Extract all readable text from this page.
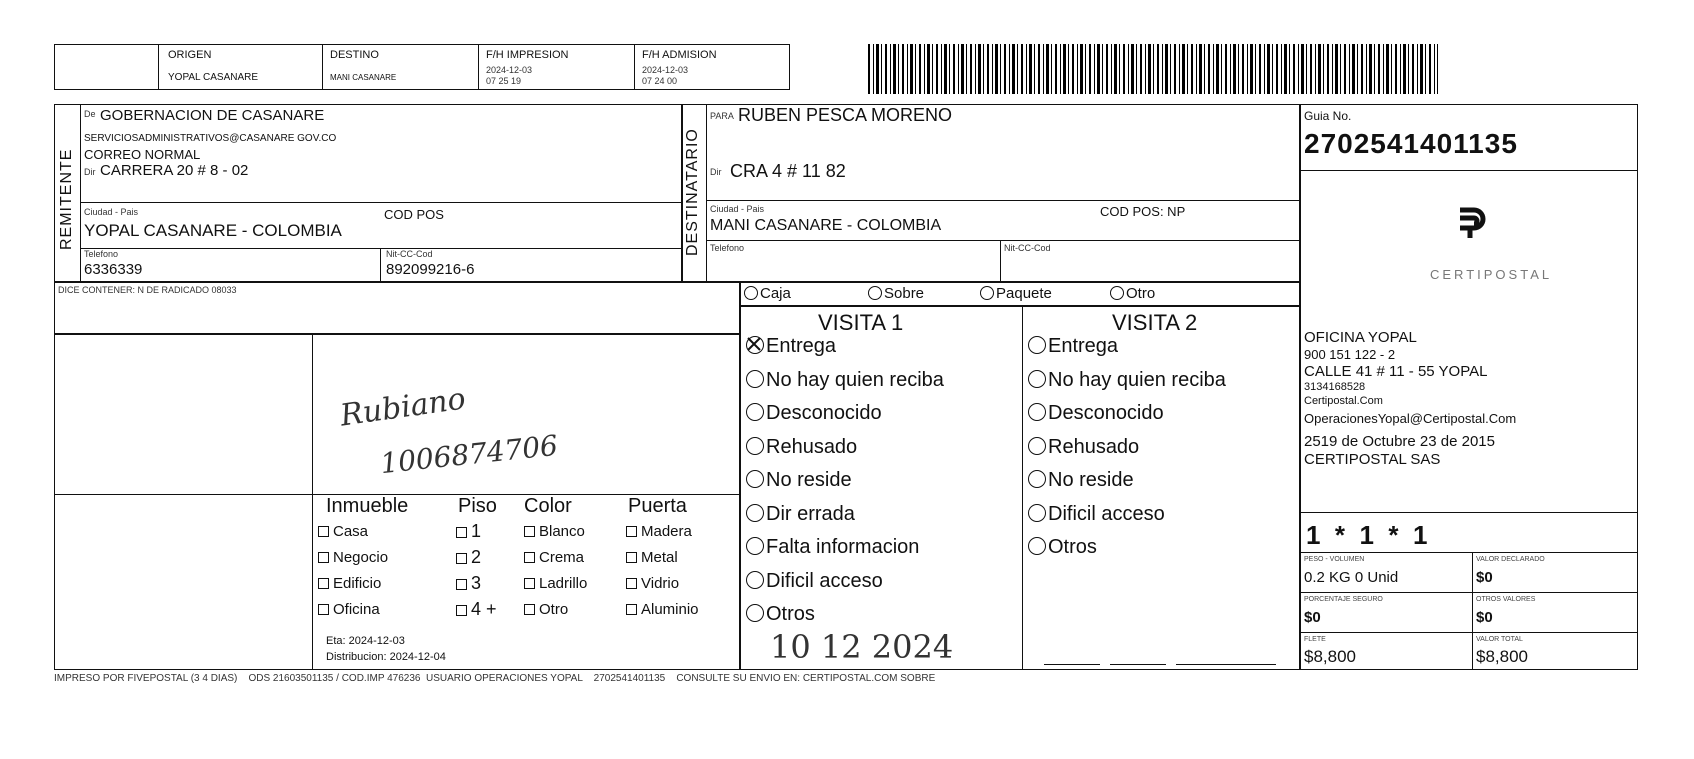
ORIGEN
YOPAL CASANARE
DESTINO
MANI CASANARE
F/H IMPRESION
2024-12-03
07 25 19
F/H ADMISION
2024-12-03
07 24 00
REMITENTE
De GOBERNACION DE CASANARE
SERVICIOSADMINISTRATIVOS@CASANARE GOV.CO
CORREO NORMAL
Dir CARRERA 20 # 8 - 02
Ciudad - Pais
YOPAL CASANARE - COLOMBIA
COD POS
Telefono
6336339
Nit-CC-Cod
892099216-6
DESTINATARIO
PARA RUBEN PESCA MORENO
Dir CRA 4 # 11 82
Ciudad - Pais
MANI CASANARE - COLOMBIA
COD POS: NP
Telefono	Nit-CC-Cod
DICE CONTENER: N DE RADICADO 08033	Caja	Sobre	Paquete	Otro
Rubiano
1006874706
Inmueble Piso Color	Puerta
Casa
Negocio
Edificio
Oficina
1
2
3
4 +
Blanco
Crema
Ladrillo
Otro
Madera
Metal
Vidrio
Aluminio
Eta: 2024-12-03
Distribucion: 2024-12-04
VISITA 1	VISITA 2
Entrega
No hay quien reciba
Desconocido
Rehusado
No reside
Dir errada
Falta informacion
Dificil acceso
Otros
Entrega
No hay quien reciba
Desconocido
Rehusado
No reside
Dificil acceso
Otros
10 12 2024
Guia No.
2702541401135
CERTIPOSTAL
OFICINA YOPAL
900 151 122 - 2
CALLE 41 # 11 - 55 YOPAL
3134168528
Certipostal.Com
OperacionesYopal@Certipostal.Com
2519 de Octubre 23 de 2015
CERTIPOSTAL SAS
1  *  1  *  1
PESO - VOLUMEN
0.2 KG 0 Unid
VALOR DECLARADO
$0
PORCENTAJE SEGURO
$0
OTROS VALORES
$0
FLETE
$8,800
VALOR TOTAL
$8,800
IMPRESO POR FIVEPOSTAL (3 4 DIAS)    ODS 21603501135 / COD.IMP 476236  USUARIO OPERACIONES YOPAL    2702541401135    CONSULTE SU ENVIO EN: CERTIPOSTAL.COM SOBRE
